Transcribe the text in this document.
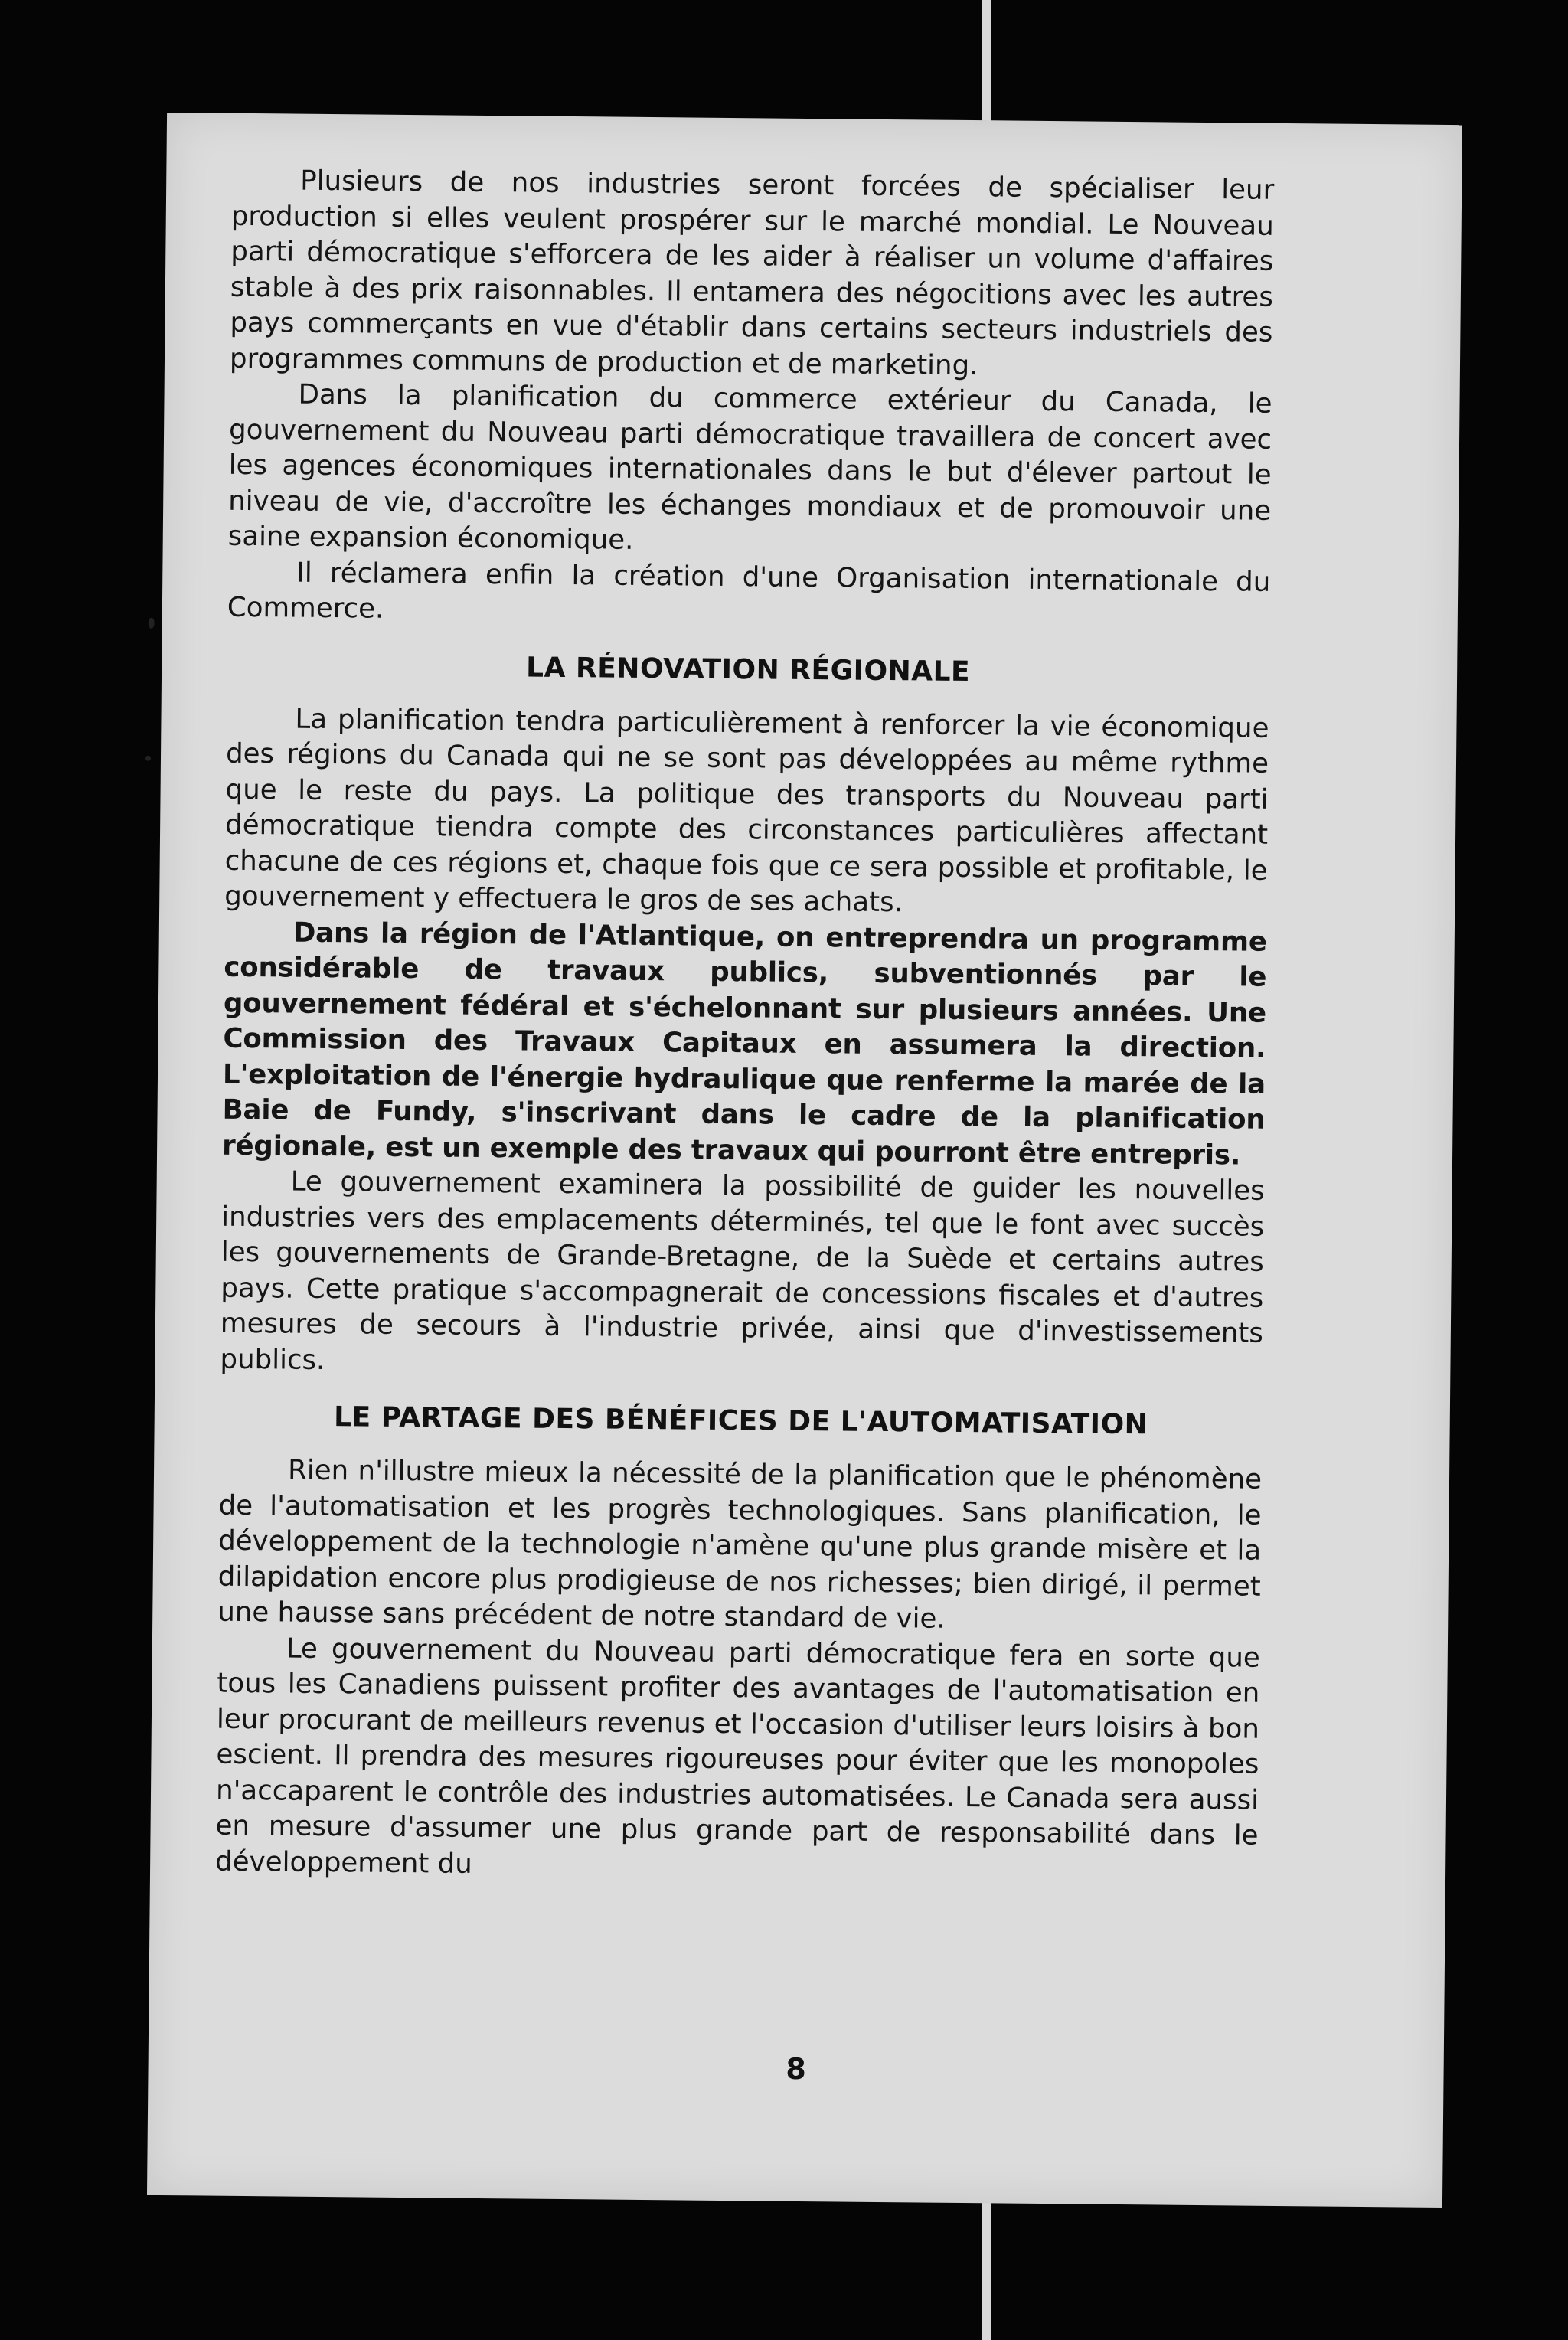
Plusieurs de nos industries seront forcées de spécialiser leur production si elles veulent prospérer sur le marché mondial. Le Nouveau parti démocratique s'efforcera de les aider à réaliser un volume d'affaires stable à des prix raisonnables. Il entamera des négocitions avec les autres pays commerçants en vue d'établir dans certains secteurs industriels des programmes communs de production et de marketing.

Dans la planification du commerce extérieur du Canada, le gouvernement du Nouveau parti démocratique travaillera de concert avec les agences économiques internationales dans le but d'élever partout le niveau de vie, d'accroître les échanges mondiaux et de promouvoir une saine expansion économique.

Il réclamera enfin la création d'une Organisation internationale du Commerce.

LA RÉNOVATION RÉGIONALE

La planification tendra particulièrement à renforcer la vie économique des régions du Canada qui ne se sont pas développées au même rythme que le reste du pays. La politique des transports du Nouveau parti démocratique tiendra compte des circonstances particulières affectant chacune de ces régions et, chaque fois que ce sera possible et profitable, le gouvernement y effectuera le gros de ses achats.

Dans la région de l'Atlantique, on entreprendra un programme considérable de travaux publics, subventionnés par le gouvernement fédéral et s'échelonnant sur plusieurs années. Une Commission des Travaux Capitaux en assumera la direction. L'exploitation de l'énergie hydraulique que renferme la marée de la Baie de Fundy, s'inscrivant dans le cadre de la planification régionale, est un exemple des travaux qui pourront être entrepris.

Le gouvernement examinera la possibilité de guider les nouvelles industries vers des emplacements déterminés, tel que le font avec succès les gouvernements de Grande-Bretagne, de la Suède et certains autres pays. Cette pratique s'accompagnerait de concessions fiscales et d'autres mesures de secours à l'industrie privée, ainsi que d'investissements publics.

LE PARTAGE DES BÉNÉFICES DE L'AUTOMATISATION

Rien n'illustre mieux la nécessité de la planification que le phénomène de l'automatisation et les progrès technologiques. Sans planification, le développement de la technologie n'amène qu'une plus grande misère et la dilapidation encore plus prodigieuse de nos richesses; bien dirigé, il permet une hausse sans précédent de notre standard de vie.

Le gouvernement du Nouveau parti démocratique fera en sorte que tous les Canadiens puissent profiter des avantages de l'automatisation en leur procurant de meilleurs revenus et l'occasion d'utiliser leurs loisirs à bon escient. Il prendra des mesures rigoureuses pour éviter que les monopoles n'accaparent le contrôle des industries automatisées. Le Canada sera aussi en mesure d'assumer une plus grande part de responsabilité dans le développement du

8
